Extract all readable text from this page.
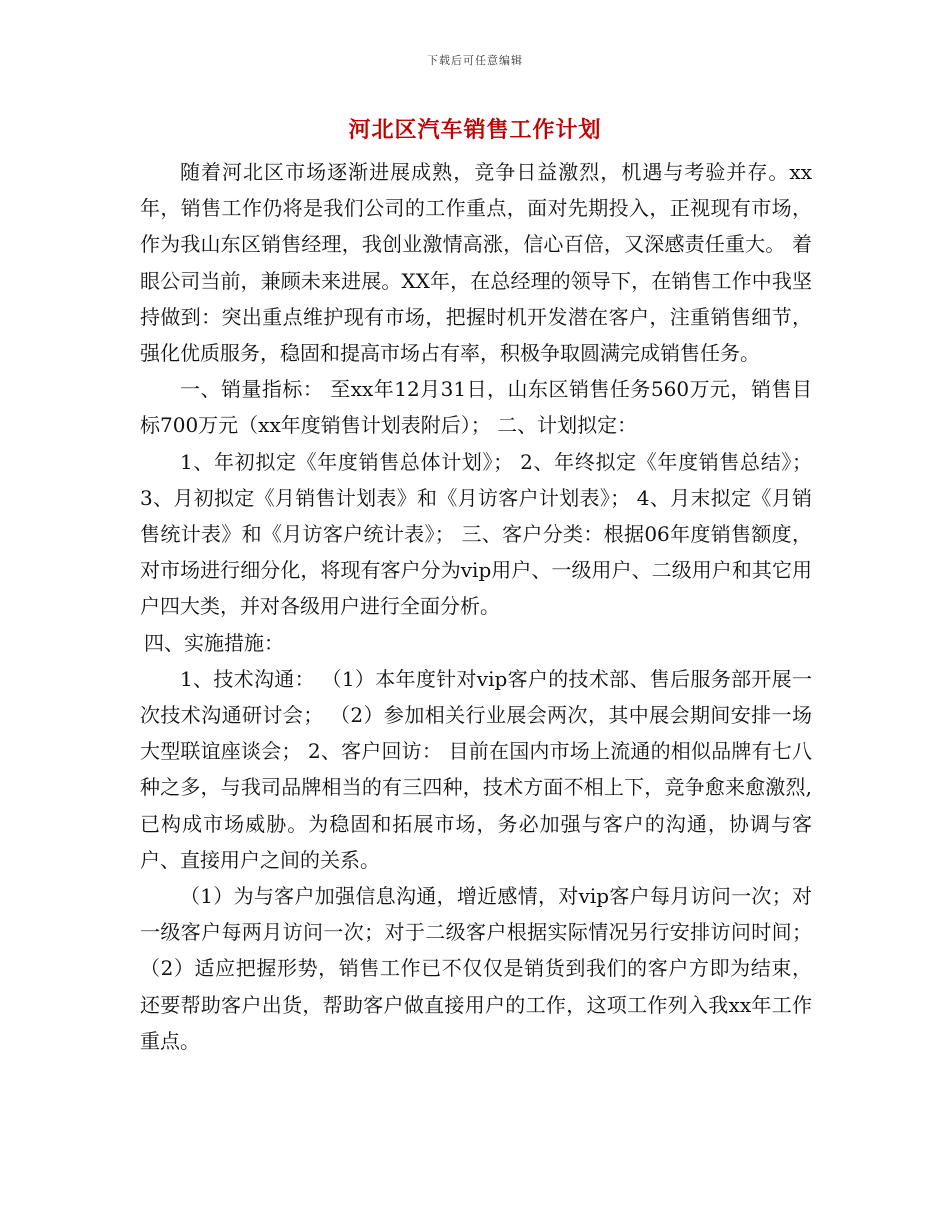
下载后可任意编辑
河北区汽车销售工作计划

随着河北区市场逐渐进展成熟，竞争日益激烈，机遇与考验并存。xx年，销售工作仍将是我们公司的工作重点，面对先期投入，正视现有市场，作为我山东区销售经理，我创业激情高涨，信心百倍，又深感责任重大。 着眼公司当前，兼顾未来进展。XX年，在总经理的领导下，在销售工作中我坚持做到：突出重点维护现有市场，把握时机开发潜在客户，注重销售细节，强化优质服务，稳固和提高市场占有率，积极争取圆满完成销售任务。

一、销量指标： 至xx年12月31日，山东区销售任务560万元，销售目标700万元（xx年度销售计划表附后）； 二、计划拟定：

1、年初拟定《年度销售总体计划》； 2、年终拟定《年度销售总结》； 3、月初拟定《月销售计划表》和《月访客户计划表》； 4、月末拟定《月销售统计表》和《月访客户统计表》； 三、客户分类：根据06年度销售额度，对市场进行细分化，将现有客户分为vip用户、一级用户、二级用户和其它用户四大类，并对各级用户进行全面分析。

四、实施措施：

1、技术沟通： （1）本年度针对vip客户的技术部、售后服务部开展一次技术沟通研讨会； （2）参加相关行业展会两次，其中展会期间安排一场大型联谊座谈会； 2、客户回访： 目前在国内市场上流通的相似品牌有七八种之多，与我司品牌相当的有三四种，技术方面不相上下，竞争愈来愈激烈,已构成市场威胁。为稳固和拓展市场，务必加强与客户的沟通，协调与客户、直接用户之间的关系。

（1）为与客户加强信息沟通，增近感情，对vip客户每月访问一次；对一级客户每两月访问一次；对于二级客户根据实际情况另行安排访问时间； （2）适应把握形势，销售工作已不仅仅是销货到我们的客户方即为结束，还要帮助客户出货，帮助客户做直接用户的工作，这项工作列入我xx年工作重点。
